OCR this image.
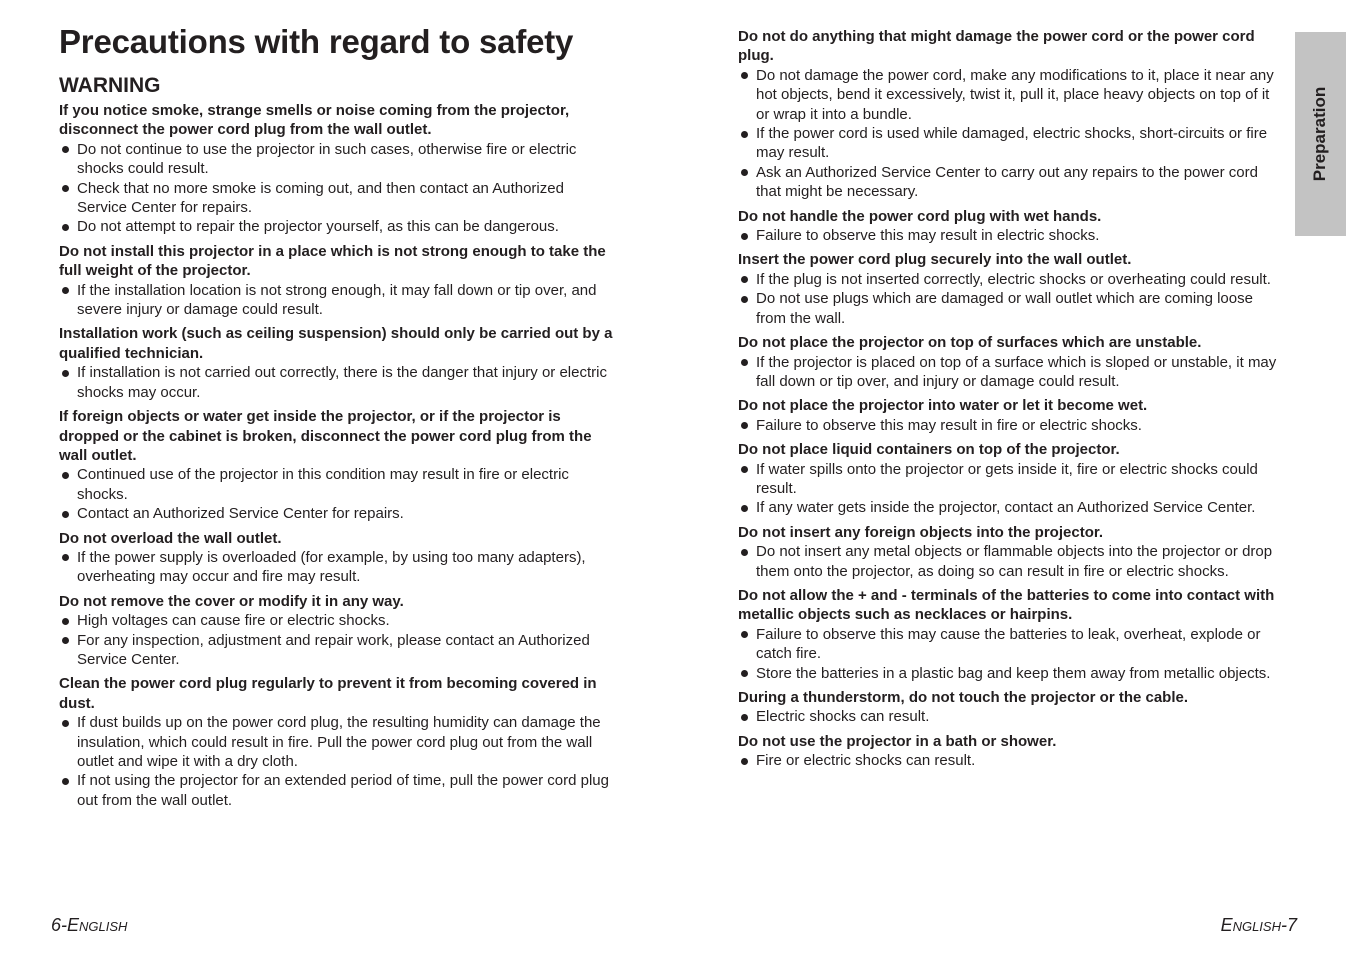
Precautions with regard to safety
WARNING

If you notice smoke, strange smells or noise coming from the projector, disconnect the power cord plug from the wall outlet.

Do not continue to use the projector in such cases, otherwise fire or electric shocks could result.
Check that no more smoke is coming out, and then contact an Authorized Service Center for repairs.
Do not attempt to repair the projector yourself, as this can be dangerous.

Do not install this projector in a place which is not strong enough to take the full weight of the projector.

If the installation location is not strong enough, it may fall down or tip over, and severe injury or damage could result.

Installation work (such as ceiling suspension) should only be carried out by a qualified technician.

If installation is not carried out correctly, there is the danger that injury or electric shocks may occur.

If foreign objects or water get inside the projector, or if the projector is dropped or the cabinet is broken, disconnect the power cord plug from the wall outlet.

Continued use of the projector in this condition may result in fire or electric shocks.
Contact an Authorized Service Center for repairs.

Do not overload the wall outlet.

If the power supply is overloaded (for example, by using too many adapters), overheating may occur and fire may result.

Do not remove the cover or modify it in any way.

High voltages can cause fire or electric shocks.
For any inspection, adjustment and repair work, please contact an Authorized Service Center.

Clean the power cord plug regularly to prevent it from becoming covered in dust.

If dust builds up on the power cord plug, the resulting humidity can damage the insulation, which could result in fire. Pull the power cord plug out from the wall outlet and wipe it with a dry cloth.
If not using the projector for an extended period of time, pull the power cord plug out from the wall outlet.

Do not do anything that might damage the power cord or the power cord plug.

Do not damage the power cord, make any modifications to it, place it near any hot objects, bend it excessively, twist it, pull it, place heavy objects on top of it or wrap it into a bundle.
If the power cord is used while damaged, electric shocks, short-circuits or fire may result.
Ask an Authorized Service Center to carry out any repairs to the power cord that might be necessary.

Do not handle the power cord plug with wet hands.

Failure to observe this may result in electric shocks.

Insert the power cord plug securely into the wall outlet.

If the plug is not inserted correctly, electric shocks or overheating could result.
Do not use plugs which are damaged or wall outlet which are coming loose from the wall.

Do not place the projector on top of surfaces which are unstable.

If the projector is placed on top of a surface which is sloped or unstable, it may fall down or tip over, and injury or damage could result.

Do not place the projector into water or let it become wet.

Failure to observe this may result in fire or electric shocks.

Do not place liquid containers on top of the projector.

If water spills onto the projector or gets inside it, fire or electric shocks could result.
If any water gets inside the projector, contact an Authorized Service Center.

Do not insert any foreign objects into the projector.

Do not insert any metal objects or flammable objects into the projector or drop them onto the projector, as doing so can result in fire or electric shocks.

Do not allow the + and - terminals of the batteries to come into contact with metallic objects such as necklaces or hairpins.

Failure to observe this may cause the batteries to leak, overheat, explode or catch fire.
Store the batteries in a plastic bag and keep them away from metallic objects.

During a thunderstorm, do not touch the projector or the cable.

Electric shocks can result.

Do not use the projector in a bath or shower.

Fire or electric shocks can result.
Preparation
6-English	English-7
